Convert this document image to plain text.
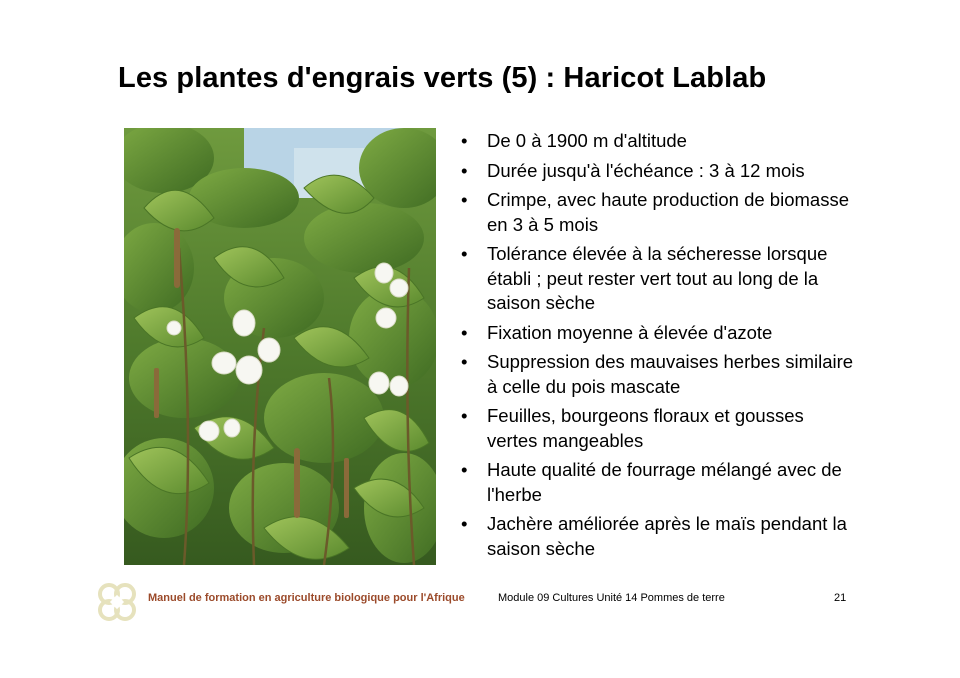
Les plantes d'engrais verts (5) : Haricot Lablab
•	De 0 à 1900 m d'altitude
•	Durée jusqu'à l'échéance : 3 à 12 mois
•	Crimpe, avec haute production de biomasse en 3 à 5 mois
•	Tolérance élevée à la sécheresse lorsque établi ; peut rester vert tout au long de la saison sèche
•	Fixation moyenne à élevée d'azote
•	Suppression des mauvaises herbes similaire à celle du pois mascate
•	Feuilles, bourgeons floraux et gousses vertes mangeables
•	Haute qualité de fourrage mélangé avec de l'herbe
•	Jachère améliorée après le maïs pendant la saison sèche
Manuel de formation en agriculture biologique pour l'Afrique	Module 09 Cultures Unité 14 Pommes de terre	21
